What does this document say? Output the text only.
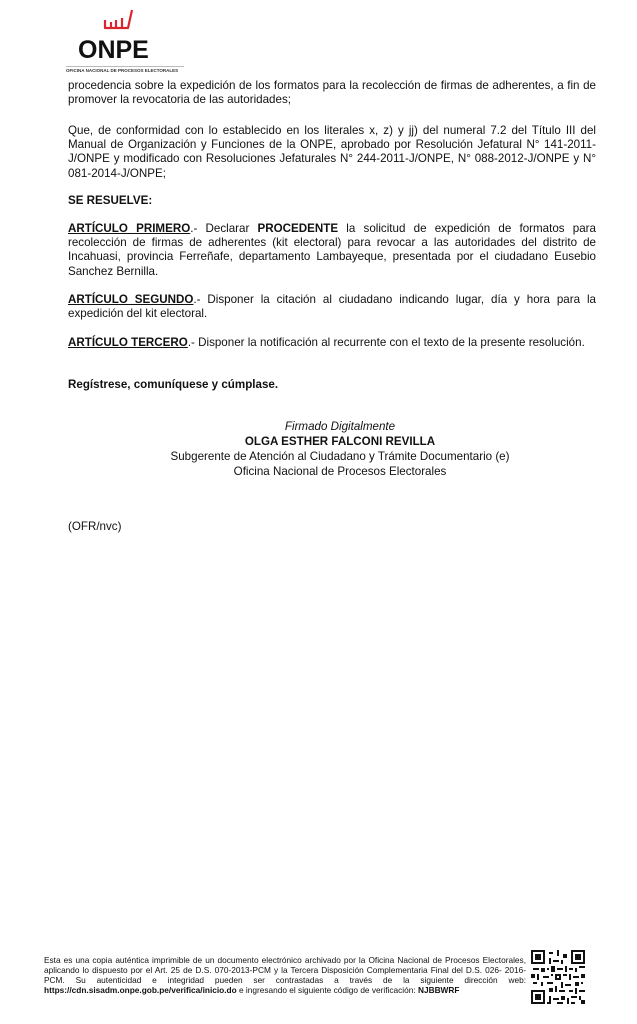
ONPE
OFICINA NACIONAL DE PROCESOS ELECTORALES
procedencia sobre la expedición de los formatos para la recolección de firmas de adherentes, a fin de promover la revocatoria de las autoridades;
Que, de conformidad con lo establecido en los literales x, z) y jj) del numeral 7.2 del Título III del Manual de Organización y Funciones de la ONPE, aprobado por Resolución Jefatural N° 141-2011-J/ONPE y modificado con Resoluciones Jefaturales N° 244-2011-J/ONPE, N° 088-2012-J/ONPE y N° 081-2014-J/ONPE;
SE RESUELVE:
ARTÍCULO PRIMERO.- Declarar PROCEDENTE la solicitud de expedición de formatos para recolección de firmas de adherentes (kit electoral) para revocar a las autoridades del distrito de Incahuasi, provincia Ferreñafe, departamento Lambayeque, presentada por el ciudadano Eusebio Sanchez Bernilla.
ARTÍCULO SEGUNDO.- Disponer la citación al ciudadano indicando lugar, día y hora para la expedición del kit electoral.
ARTÍCULO TERCERO.- Disponer la notificación al recurrente con el texto de la presente resolución.
Regístrese, comuníquese y cúmplase.
Firmado Digitalmente
OLGA ESTHER FALCONI REVILLA
Subgerente de Atención al Ciudadano y Trámite Documentario (e)
Oficina Nacional de Procesos Electorales
(OFR/nvc)
Esta es una copia auténtica imprimible de un documento electrónico archivado por la Oficina Nacional de Procesos Electorales, aplicando lo dispuesto por el Art. 25 de D.S. 070-2013-PCM y la Tercera Disposición Complementaria Final del D.S. 026- 2016-PCM. Su autenticidad e integridad pueden ser contrastadas a través de la siguiente dirección web: https://cdn.sisadm.onpe.gob.pe/verifica/inicio.do e ingresando el siguiente código de verificación: NJBBWRF
